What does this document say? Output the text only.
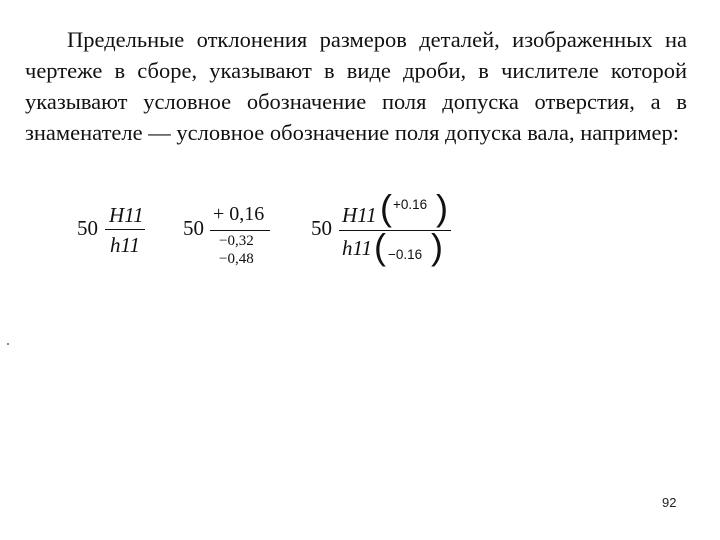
Предельные отклонения размеров деталей, изображенных на чертеже в сборе, указывают в виде дроби, в числителе которой указывают условное обозначение поля допуска отверстия, а в знаменателе — условное обозначение поля допуска вала, например:

50
H11
h11
50
+ 0,16
−0,32
−0,48
50
H11 ( +0.16 )
h11 ( −0.16 )
92
